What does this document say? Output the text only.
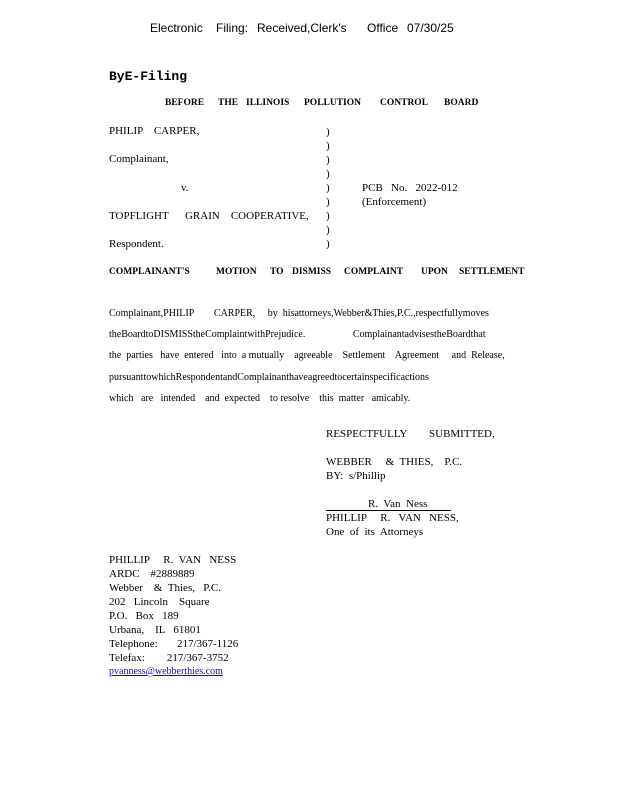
Electronic Filing: Received,Clerk's Office 07/30/25
ByE-Filing
BEFORE THE ILLINOIS POLLUTION CONTROL BOARD
PHILIP    CARPER,
Complainant,
v.
TOPFLIGHT      GRAIN    COOPERATIVE,
Respondent.
)
)
)
)
)
)
)
)
)
PCB   No.   2022-012
(Enforcement)
COMPLAINANT'S	MOTION TO DISMISS COMPLAINT UPON SETTLEMENT
Complainant,PHILIP        CARPER,     by  hisattorneys,Webber&Thies,P.C.,respectfullymoves
theBoardtoDISMISStheComplaintwithPrejudice.                   ComplainantadvisestheBoardthat
the  parties   have  entered   into  a mutually    agreeable    Settlement    Agreement     and  Release,
pursuanttowhichRespondentandComplainanthaveagreedtocertainspecificactions
which   are   intended    and  expected    to resolve    this  matter   amicably.
RESPECTFULLY        SUBMITTED,
WEBBER     &  THIES,    P.C.
BY:  s/Phillip
R.  Van  Ness
PHILLIP     R.   VAN   NESS,
One  of  its  Attorneys
PHILLIP     R.  VAN   NESS
ARDC    #2889889
Webber    &  Thies,   P.C.
202   Lincoln    Square
P.O.   Box   189
Urbana,    IL   61801
Telephone:       217/367-1126
Telefax:        217/367-3752
pvanness@webberthies.com
